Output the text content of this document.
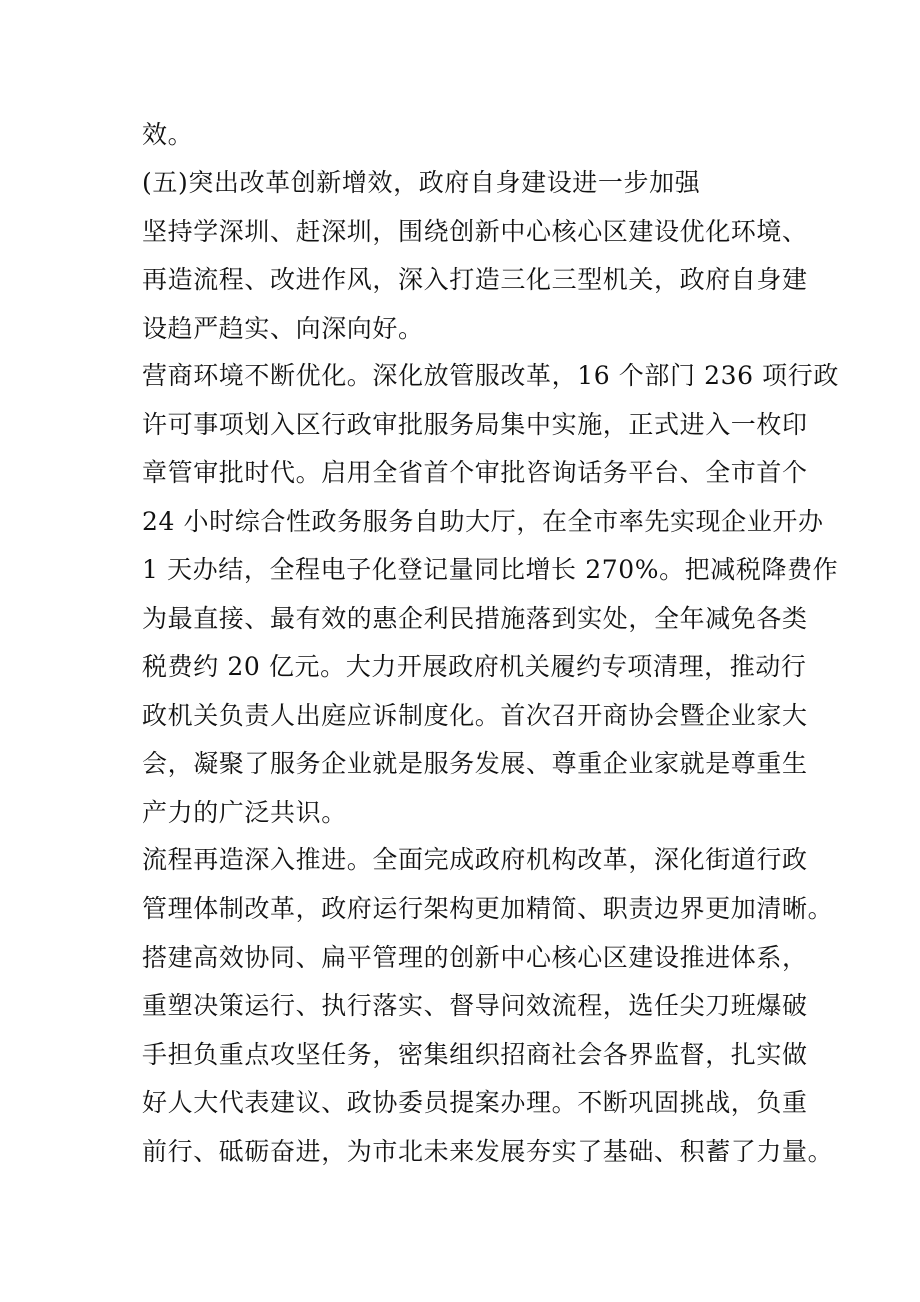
效。
(五)突出改革创新增效，政府自身建设进一步加强
坚持学深圳、赶深圳，围绕创新中心核心区建设优化环境、
再造流程、改进作风，深入打造三化三型机关，政府自身建
设趋严趋实、向深向好。
营商环境不断优化。深化放管服改革，16 个部门 236 项行政
许可事项划入区行政审批服务局集中实施，正式进入一枚印
章管审批时代。启用全省首个审批咨询话务平台、全市首个
24 小时综合性政务服务自助大厅，在全市率先实现企业开办
1 天办结，全程电子化登记量同比增长 270%。把减税降费作
为最直接、最有效的惠企利民措施落到实处，全年减免各类
税费约 20 亿元。大力开展政府机关履约专项清理，推动行
政机关负责人出庭应诉制度化。首次召开商协会暨企业家大
会，凝聚了服务企业就是服务发展、尊重企业家就是尊重生
产力的广泛共识。
流程再造深入推进。全面完成政府机构改革，深化街道行政
管理体制改革，政府运行架构更加精简、职责边界更加清晰。
搭建高效协同、扁平管理的创新中心核心区建设推进体系，
重塑决策运行、执行落实、督导问效流程，选任尖刀班爆破
手担负重点攻坚任务，密集组织招商社会各界监督，扎实做
好人大代表建议、政协委员提案办理。不断巩固挑战，负重
前行、砥砺奋进，为市北未来发展夯实了基础、积蓄了力量。
